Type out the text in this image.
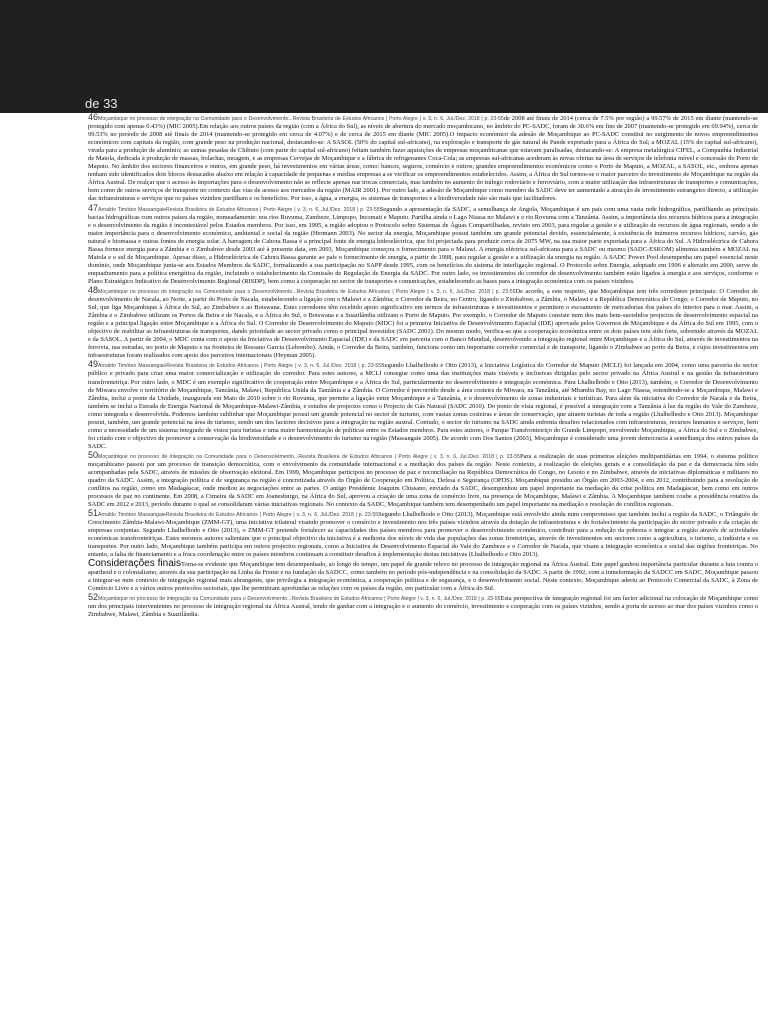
de 33

46Moçambique no processo de integração na Comunidade para o Desenvolvimento...Revista Brasileira de Estudos Africanos | Porto Alegre | v. 3, n. 6, Jul./Dez. 2018 | p. 23-55de 2008 até finais de 2014 (cerca de 7.5% por região) a 99.57% de 2015 em diante (mantendo-se protegido com apenas 0.43%) (MIC 2005).Em relação aos outros países da região (com a África do Sul), as níveis de abertura do mercado moçambicano, no âmbito do PC-SADC, foram de 30.6% em fins de 2007 (mantendo-se protegido em 69.94%), cerca de 99.53% no período de 2008 até finais de 2014 (mantendo-se protegido em cerca de 4.07%) e de cerca de 2015 em diante (MIC 2005).O impacto económico da adesão de Moçambique ao PC-SADC constitui no surgimento de novos empreendimentos económicos com capitais da região, com grande peso na produção nacional, destacando-se: A SASOL (50% do capital sul-africano), na exploração e transporte de gás natural de Pande exportado para a África do Sul; a MOZAL (15% do capital sul-africano), virada para a produção de alumínio; as usinas pesadas de Chibuto (com parte do capital sul-africano) feitam também fazer aquisições de empresas moçambicanas que estavam paralisadas, destacando-se: A empresa metalúrgica CIFEL, a Companhia Industrial de Matola, dedicada à produção de massas, bolachas, moagem, e as empresas Cervejas de Moçambique e a fábrica de refrigerantes Coca-Cola; as empresas sul-africanas acederam às novas ofertas na área de serviços de telefonia móvel e concessão do Porto de Maputo. No âmbito dos sectores financeiros e outros, em grande peso, há investimentos em várias áreas, como: bancos, seguros, comércio e outros; grandes empreendimentos económicos como o Porto de Maputo, a MOZAL, a SASOL, etc., embora apenas tenham sido identificados dois blocos destacados abaixo em relação à capacidade de pequenas e médias empresas a se verificar os empreendimentos estabelecidos. Assim, a África do Sul tornou-se o maior parceiro do investimento de Moçambique na região da África Austral. De realçar que o acesso às importações para o desenvolvimento não se reflecte apenas nas trocas comerciais, mas também no aumento do tráfego rodoviário e ferroviário, com a maior utilização das infraestruturas de transportes e comunicações, bem como de outros serviços de transporte no contexto das vias de acesso aos mercados da região (MAIR 2001). Por outro lado, a adesão de Moçambique como membro da SADC deve ter aumentado a atracção de investimento estrangeiro directo, a utilização das infraestruturas e serviços que os países vizinhos partilham e os benefícios. Por isso, a água, a energia, os sistemas de transportes e a biodiversidade não são mais que facilitadores.

47Arnaldo Timóteo MassangaieRevista Brasileira de Estudos Africanos | Porto Alegre | v. 3, n. 6, Jul./Dez. 2018 | p. 23-55Segundo a apresentação da SADC, a semelhança de Angola, Moçambique é um país com uma vasta rede hidrográfica, partilhando as principais bacias hidrográficas com outros países da região, nomeadamente: nos rios Ruvuma, Zambeze, Limpopo, Incomati e Maputo. Partilha ainda o Lago Niassa no Malawi e o rio Rovuma com a Tanzânia. Assim, a importância dos recursos hídricos para a integração e o desenvolvimento da região é incontestável pelos Estados membros. Por isso, em 1995, a região adoptou o Protocolo sobre Sistemas de Águas Compartilhadas, revisto em 2003, para regular a gestão e a utilização de recursos de água regionais, sendo a de maior importância para o desenvolvimento económico, ambiental e social da região (Hermann 2003). No sector da energia, Moçambique possui também um grande potencial devido, essencialmente, à existência de inúmeros recursos hídricos, carvão, gás natural e biomassa e outras fontes de energia solar. A barragem de Cahora Bassa é a principal fonte de energia hidroeléctrica, que foi projectada para produzir cerca de 2075 MW, na sua maior parte exportada para a África do Sul. A Hidroeléctrica de Cahora Bassa fornece energia para a Zâmbia e o Zimbabwe desde 2003 até à presente data, em 2003, Moçambique começou o fornecimento para o Malawi. A energia eléctrica sul-africana para a SADC ou mesmo (SADC-ESKOM) alimenta também a MOZAL na Matola e o sul de Moçambique. Apesar disso, a Hidroeléctrica de Cahora Bassa garante ao país o fornecimento de energia, a partir de 1998, para regular a gestão e a utilização da energia na região. A SADC Power Pool desempenha um papel essencial neste domínio, onde Moçambique junta-se aos Estados Membros da SADC, formalizando a sua participação no SAPP desde 1995, com os benefícios do sistema de interligação regional. O Protocolo sobre Energia, adoptado em 1996 e alterado em 2000, serve de enquadramento para a política energética da região, incluindo o estabelecimento da Comissão de Regulação de Energia da SADC. Por outro lado, os investimentos do corredor de desenvolvimento também estão ligados à energia e aos serviços, conforme o Plano Estratégico Indicativo de Desenvolvimento Regional (RISDP), bem como à cooperação no sector de transportes e comunicações, estabelecendo as bases para a integração económica com os países vizinhos.

48Moçambique no processo de integração na Comunidade para o Desenvolvimento...Revista Brasileira de Estudos Africanos | Porto Alegre | v. 3, n. 6, Jul./Dez. 2018 | p. 23-55De acordo, a este respeito, que Moçambique tem três corredores principais: O Corredor de desenvolvimento de Nacala, ao Norte, a partir do Porto de Nacala, estabelecendo a ligação com o Malawi e a Zâmbia; o Corredor da Beira, no Centro, ligando o Zimbabwe, a Zâmbia, o Malawi e a República Democrática do Congo; o Corredor de Maputo, no Sul, que liga Moçambique à África do Sul, ao Zimbabwe e ao Botswana. Estes corredores têm recebido apoio significativo em termos de infraestruturas e investimentos e permitem o escoamento de mercadorias dos países do interior para o mar. Assim, a Zâmbia e o Zimbabwe utilizam os Portos da Beira e de Nacala, e a África do Sul, o Botswana e a Suazilândia utilizam o Porto de Maputo. Por exemplo, o Corredor de Maputo consiste num dos mais bem-sucedidos projectos de desenvolvimento espacial na região e a principal ligação entre Moçambique e a África do Sul. O Corredor de Desenvolvimento do Maputo (MDC) foi a primeira Iniciativa de Desenvolvimento Espacial (IDE) aprovada pelos Governos de Moçambique e da África do Sul em 1995, com o objectivo de reabilitar as infraestruturas de transportes, dando prioridade ao sector privado como o principal investidor (SADC 2001). Do mesmo modo, verifica-se que a cooperação económica entre os dois países tem sido forte, sobretudo através da MOZAL e da SASOL. A partir de 2004, o MDC conta com o apoio da Iniciativa de Desenvolvimento Espacial (IDE) e da SADC em parceria com o Banco Mundial, desenvolvendo a integração regional entre Moçambique e a África do Sul, através de investimentos na ferrovia, nas estradas, no porto de Maputo e na fronteira de Ressano Garcia (Lebombo). Ainda, o Corredor da Beira, também, funciona como um importante corredor comercial e de transporte, ligando o Zimbabwe ao porto da Beira, e cujos investimentos em infraestruturas foram realizados com apoio dos parceiros internacionais (Heyman 2005).

49Arnaldo Timóteo MassangaieRevista Brasileira de Estudos Africanos | Porto Alegre | v. 3, n. 6, Jul./Dez. 2018 | p. 23-55Segundo Lhalhelhodo e Otto (2013), a Iniciativa Logística do Corredor de Maputo (MCLI) foi lançada em 2004, como uma parceria do sector público e privado para criar uma maior comercialização e utilização do corredor. Para estes autores, a MCLI consegue como uma das instituições mais visíveis e inclusivas dirigidas pelo sector privado na África Austral e na gestão da infraestrutura transfronteiriça. Por outro lado, o MDC é um exemplo significativo de cooperação entre Moçambique e a África do Sul, particularmente no desenvolvimento e integração económica. Para Lhalhelhodo e Otto (2013), também, o Corredor de Desenvolvimento de Mtwara envolve o território de Moçambique, Tanzânia, Malawi, República Unida da Tanzânia e a Zâmbia. O Corredor é percorrido desde a área costeira de Mtwara, na Tanzânia, até Mbamba Bay, no Lago Niassa, estendendo-se a Moçambique, Malawi e Zâmbia, inclui a ponte da Unidade, inaugurada em Maio de 2010 sobre o rio Rovuma, que permite a ligação entre Moçambique e a Tanzânia, e o desenvolvimento de zonas industriais e turísticas. Para além da iniciativa do Corredor de Nacala e da Beira, também se inclui a Estrada de Energia Nacional de Moçambique-Malawi-Zâmbia, e estudos de projectos como o Projecto de Gás Natural (SADC 2010). Do ponto de vista regional, é possível a integração com a Tanzânia à luz da região do Vale do Zambeze, como integrada e desenvolvida. Podemos também sublinhar que Moçambique possui um grande potencial no sector de turismo, com vastas zonas costeiras e áreas de conservação, que atraem turistas de toda a região (Lhalhelhodo e Otto 2013). Moçambique possui, também, um grande potencial na área de turismo, sendo um dos factores decisivos para a integração na região austral. Contudo, o sector do turismo na SADC ainda enfrenta desafios relacionados com infraestruturas, recursos humanos e serviços, bem como a necessidade de um sistema integrado de vistos para turistas e uma maior harmonização de políticas entre os Estados membros. Para estes autores, o Parque Transfronteiriço do Grande Limpopo, envolvendo Moçambique, a África do Sul e o Zimbabwe, foi criado com o objectivo de promover a conservação da biodiversidade e o desenvolvimento do turismo na região (Massangaie 2005). De acordo com Dos Santos (2003), Moçambique é considerado uma jovem democracia à semelhança dos outros países da SADC.

50Moçambique no processo de integração na Comunidade para o Desenvolvimento...Revista Brasileira de Estudos Africanos | Porto Alegre | v. 3, n. 6, Jul./Dez. 2018 | p. 23-55Para a realização de suas primeiras eleições multipartidárias em 1994, o sistema político moçambicano passou por um processo de transição democrática, com o envolvimento da comunidade internacional e a mediação dos países da região. Neste contexto, a realização de eleições gerais e a consolidação da paz e da democracia têm sido acompanhadas pela SADC, através de missões de observação eleitoral. Em 1999, Moçambique participou no processo de paz e reconciliação na República Democrática do Congo, no Lesoto e no Zimbabwe, através de iniciativas diplomáticas e militares no quadro da SADC. Assim, a integração política e de segurança na região é concretizada através do Órgão de Cooperação em Política, Defesa e Segurança (OPDS). Moçambique presidiu ao Órgão em 2003-2004, e em 2012, contribuindo para a resolução de conflitos na região, como em Madagáscar, onde mediou as negociações entre as partes. O antigo Presidente Joaquim Chissano, enviado da SADC, desempenhou um papel importante na mediação da crise política em Madagáscar, bem como em outros processos de paz no continente. Em 2008, a Cimeira da SADC em Joanesburgo, na África do Sul, aprovou a criação de uma zona de comércio livre, na presença de Moçambique, Malawi e Zâmbia. A Moçambique também coube a presidência rotativa da SADC em 2012 e 2013, período durante o qual se consolidaram várias iniciativas regionais. No contexto da SADC, Moçambique também tem desempenhado um papel importante na mediação e resolução de conflitos regionais.

51Arnaldo Timóteo MassangaieRevista Brasileira de Estudos Africanos | Porto Alegre | v. 3, n. 6, Jul./Dez. 2018 | p. 23-55Segundo Lhalhelhodo e Otto (2013), Moçambique está envolvido ainda num compromisso que também inclui a região da SADC, o Triângulo de Crescimento Zâmbia-Malawi-Moçambique (ZMM-GT), uma iniciativa trilateral visando promover o comércio e investimento nos três países vizinhos através da dotação de infraestruturas e do fortalecimento da participação do sector privado e da criação de empresas conjuntas. Segundo Lhalhelhodo e Otto (2013), o ZMM-GT pretende fortalecer as capacidades dos países membros para promover o desenvolvimento económico, contribuir para a redução da pobreza e integrar a região através de actividades económicas transfronteiriças. Estes mesmos autores salientam que o principal objectivo da iniciativa é a melhoria dos níveis de vida das populações das zonas fronteiriças, através de investimentos em sectores como a agricultura, o turismo, a indústria e os transportes. Por outro lado, Moçambique também participa em outros projectos regionais, como a Iniciativa de Desenvolvimento Espacial do Vale do Zambeze e o Corredor de Nacala, que visam a integração económica e social das regiões fronteiriças. No entanto, a falta de financiamento e a fraca coordenação entre os países membros continuam a constituir desafios à implementação destas iniciativas (Lhalhelhodo e Otto 2013).

Considerações finaisTorna-se evidente que Moçambique tem desempenhado, ao longo do tempo, um papel de grande relevo no processo de integração regional na África Austral. Este papel ganhou importância particular durante a luta contra o apartheid e o colonialismo, através da sua participação na Linha da Frente e na fundação da SADCC, como também no período pós-independência e na consolidação da SADC. A partir de 1992, com a transformação da SADCC em SADC, Moçambique passou a integrar-se num contexto de integração regional mais abrangente, que privilegia a integração económica, a cooperação política e de segurança, e o desenvolvimento social. Neste contexto, Moçambique aderiu ao Protocolo Comercial da SADC, à Zona de Comércio Livre e a vários outros protocolos sectoriais, que lhe permitiram aprofundar as relações com os países da região, em particular com a África do Sul.

52Moçambique no processo de integração na Comunidade para o Desenvolvimento...Revista Brasileira de Estudos Africanos | Porto Alegre | v. 3, n. 6, Jul./Dez. 2018 | p. 23-55Esta perspectiva de integração regional foi um factor adicional na colocação de Moçambique como um dos principais intervenientes no processo de integração regional na África Austral, tendo de ganhar com a integração e o aumento do comércio, investimento e cooperação com os países vizinhos, sendo a porta de acesso ao mar dos países vizinhos como o Zimbabwe, Malawi, Zâmbia e Suazilândia.
